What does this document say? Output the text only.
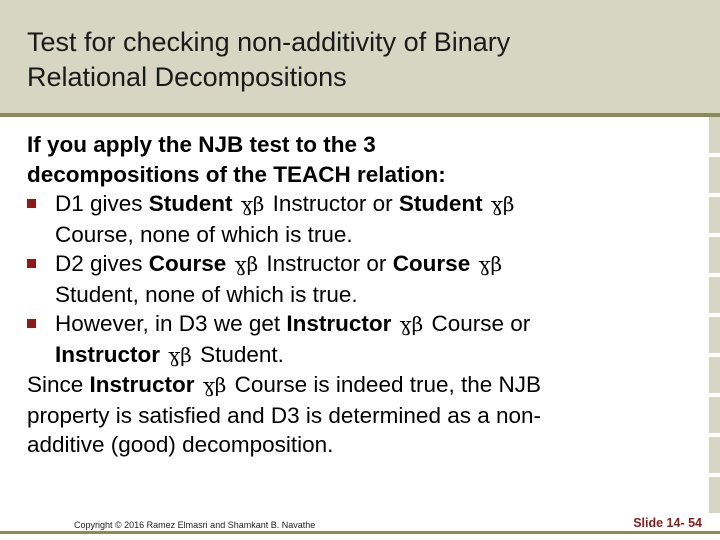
Test for checking non-additivity of Binary
Relational Decompositions
If you apply the NJB test to the 3
decompositions of the TEACH relation:
D1 gives Student ɣβ Instructor or Student ɣβ
Course, none of which is true.
D2 gives Course ɣβ Instructor or Course ɣβ
Student, none of which is true.
However, in D3 we get Instructor ɣβ Course or
Instructor ɣβ Student.
Since Instructor ɣβ Course is indeed true, the NJB
property is satisfied and D3 is determined as a non-
additive (good) decomposition.
Copyright © 2016 Ramez Elmasri and Shamkant B. Navathe	Slide 14- 54
